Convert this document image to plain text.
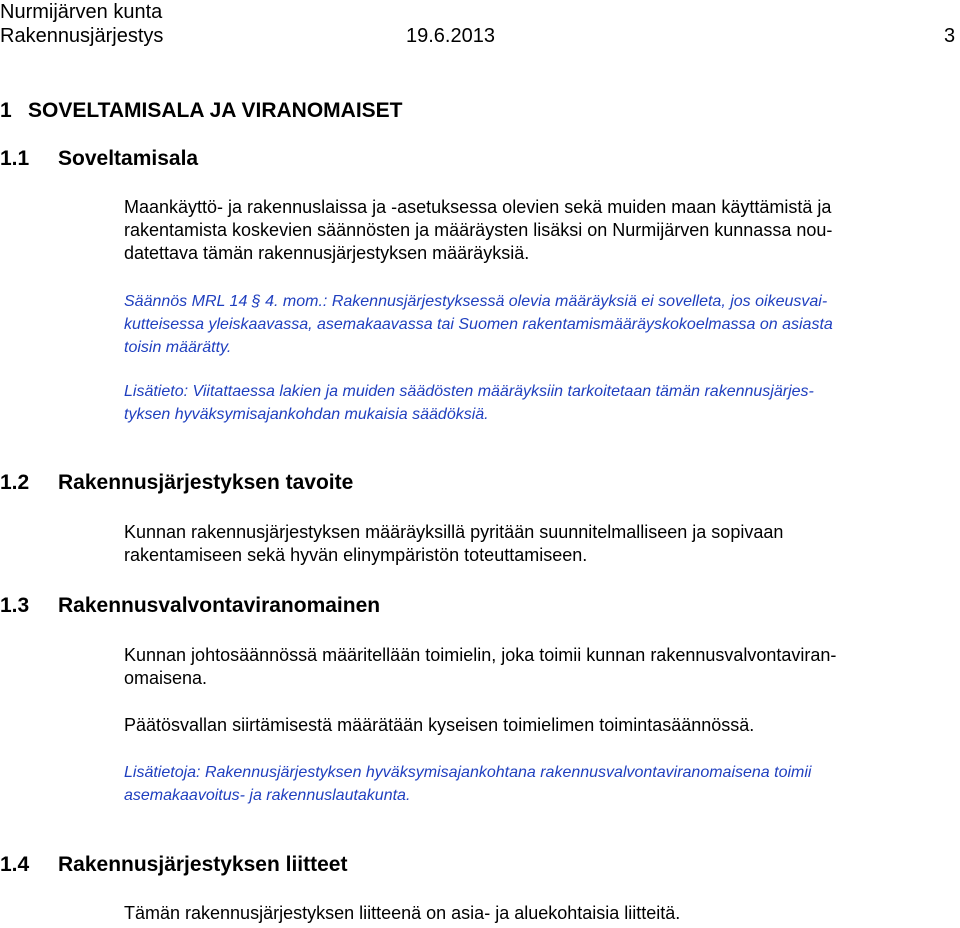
Nurmijärven kunta
Rakennusjärjestys	19.6.2013	3
1 SOVELTAMISALA JA VIRANOMAISET
1.1 Soveltamisala
Maankäyttö- ja rakennuslaissa ja -asetuksessa olevien sekä muiden maan käyttämistä ja
rakentamista koskevien säännösten ja määräysten lisäksi on Nurmijärven kunnassa nou-
datettava tämän rakennusjärjestyksen määräyksiä.
Säännös MRL 14 § 4. mom.: Rakennusjärjestyksessä olevia määräyksiä ei sovelleta, jos oikeusvai-
kutteisessa yleiskaavassa, asemakaavassa tai Suomen rakentamismääräyskokoelmassa on asiasta
toisin määrätty.
Lisätieto: Viitattaessa lakien ja muiden säädösten määräyksiin tarkoitetaan tämän rakennusjärjes-
tyksen hyväksymisajankohdan mukaisia säädöksiä.
1.2 Rakennusjärjestyksen tavoite
Kunnan rakennusjärjestyksen määräyksillä pyritään suunnitelmalliseen ja sopivaan
rakentamiseen sekä hyvän elinympäristön toteuttamiseen.
1.3 Rakennusvalvontaviranomainen
Kunnan johtosäännössä määritellään toimielin, joka toimii kunnan rakennusvalvontaviran-
omaisena.
Päätösvallan siirtämisestä määrätään kyseisen toimielimen toimintasäännössä.
Lisätietoja: Rakennusjärjestyksen hyväksymisajankohtana rakennusvalvontaviranomaisena toimii
asemakaavoitus- ja rakennuslautakunta.
1.4 Rakennusjärjestyksen liitteet
Tämän rakennusjärjestyksen liitteenä on asia- ja aluekohtaisia liitteitä.
